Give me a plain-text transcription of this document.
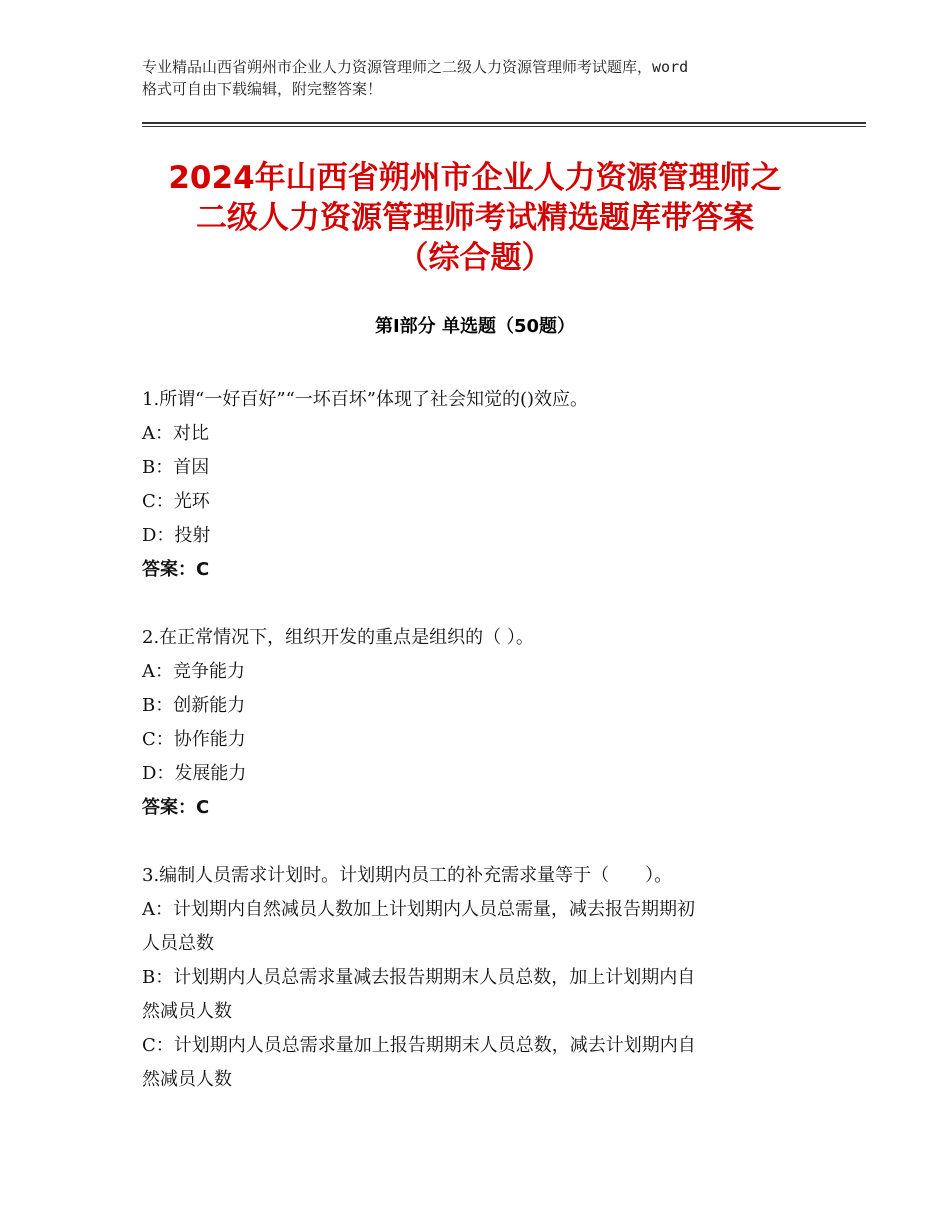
专业精品山西省朔州市企业人力资源管理师之二级人力资源管理师考试题库，word
格式可自由下载编辑，附完整答案！
2024年山西省朔州市企业人力资源管理师之
二级人力资源管理师考试精选题库带答案
（综合题）
第Ⅰ部分 单选题（50题）
1.所谓“一好百好”“一坏百坏”体现了社会知觉的()效应。
A：对比
B：首因
C：光环
D：投射
答案：C
2.在正常情况下，组织开发的重点是组织的（ ）。
A：竞争能力
B：创新能力
C：协作能力
D：发展能力
答案：C
3.编制人员需求计划时。计划期内员工的补充需求量等于（　　）。
A：计划期内自然减员人数加上计划期内人员总需量，减去报告期期初
人员总数
B：计划期内人员总需求量减去报告期期末人员总数，加上计划期内自
然减员人数
C：计划期内人员总需求量加上报告期期末人员总数，减去计划期内自
然减员人数
